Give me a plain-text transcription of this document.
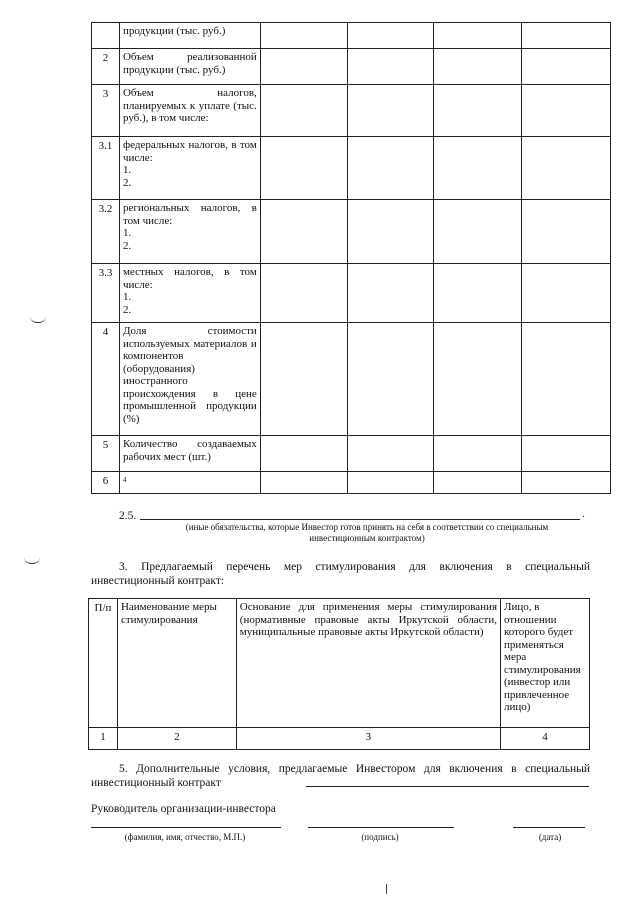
	продукции (тыс. руб.)				

2	Объем реализованной продукции (тыс. руб.)				

3	Объем налогов, планируемых к уплате (тыс. руб.), в том числе:				

3.1	федеральных налогов, в том числе:
1.
2.				

3.2	региональных налогов, в том числе:
1.
2.				

3.3	местных налогов, в том числе:
1.
2.				

4	Доля стоимости используемых материалов и компонентов (оборудования) иностранного происхождения в цене промышленной продукции (%)				

5	Количество создаваемых рабочих мест (шт.)				

6	$^4$

2.5.	.
(иные обязательства, которые Инвестор готов принять на себя в соответствии со специальным инвестиционным контрактом)
3. Предлагаемый перечень мер стимулирования для включения в специальный инвестиционный контракт:
П/п	Наименование меры стимулирования	Основание для применения меры стимулирования (нормативные правовые акты Иркутской области, муниципальные правовые акты Иркутской области)	Лицо, в отношении которого будет применяться мера стимулирования (инвестор или привлеченное лицо)
1	2	3	4
5. Дополнительные условия, предлагаемые Инвестором для включения в специальный инвестиционный контракт
Руководитель организации-инвестора
(фамилия, имя, отчество, М.П.)	(подпись)	(дата)
